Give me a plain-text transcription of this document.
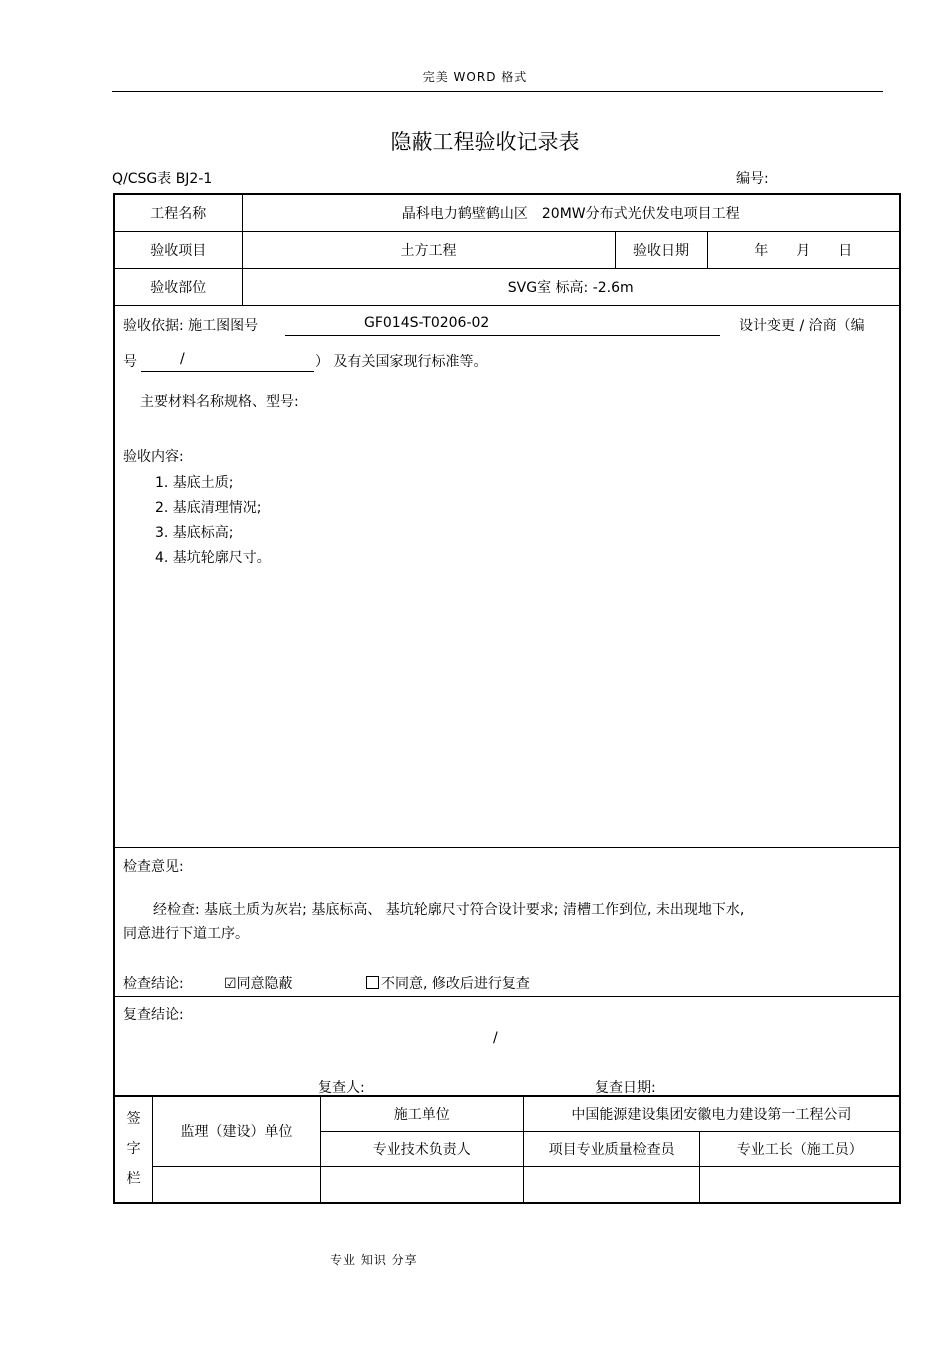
完美 WORD 格式
隐蔽工程验收记录表
Q/CSG表 BJ2-1	编号:
工程名称	晶科电力鹤壁鹤山区　20MW分布式光伏发电项目工程
验收项目	土方工程	验收日期	年　　月　　日
验收部位	SVG室 标高: -2.6m

验收依据: 施工图图号	GF014S-T0206-02	设计变更 / 洽商（编
号	/	） 及有关国家现行标准等。
主要材料名称规格、型号:
验收内容:
1. 基底土质;
2. 基底清理情况;
3. 基底标高;
4. 基坑轮廓尺寸。

检查意见:
经检查: 基底土质为灰岩; 基底标高、 基坑轮廓尺寸符合设计要求; 清槽工作到位, 未出现地下水,
同意进行下道工序。
检查结论:	☑同意隐蔽	不同意, 修改后进行复查

复查结论:
/
复查人:	复查日期:

签
字
栏	监理（建设）单位	施工单位	中国能源建设集团安徽电力建设第一工程公司
专业技术负责人	项目专业质量检查员	专业工长（施工员）

专业 知识 分享
